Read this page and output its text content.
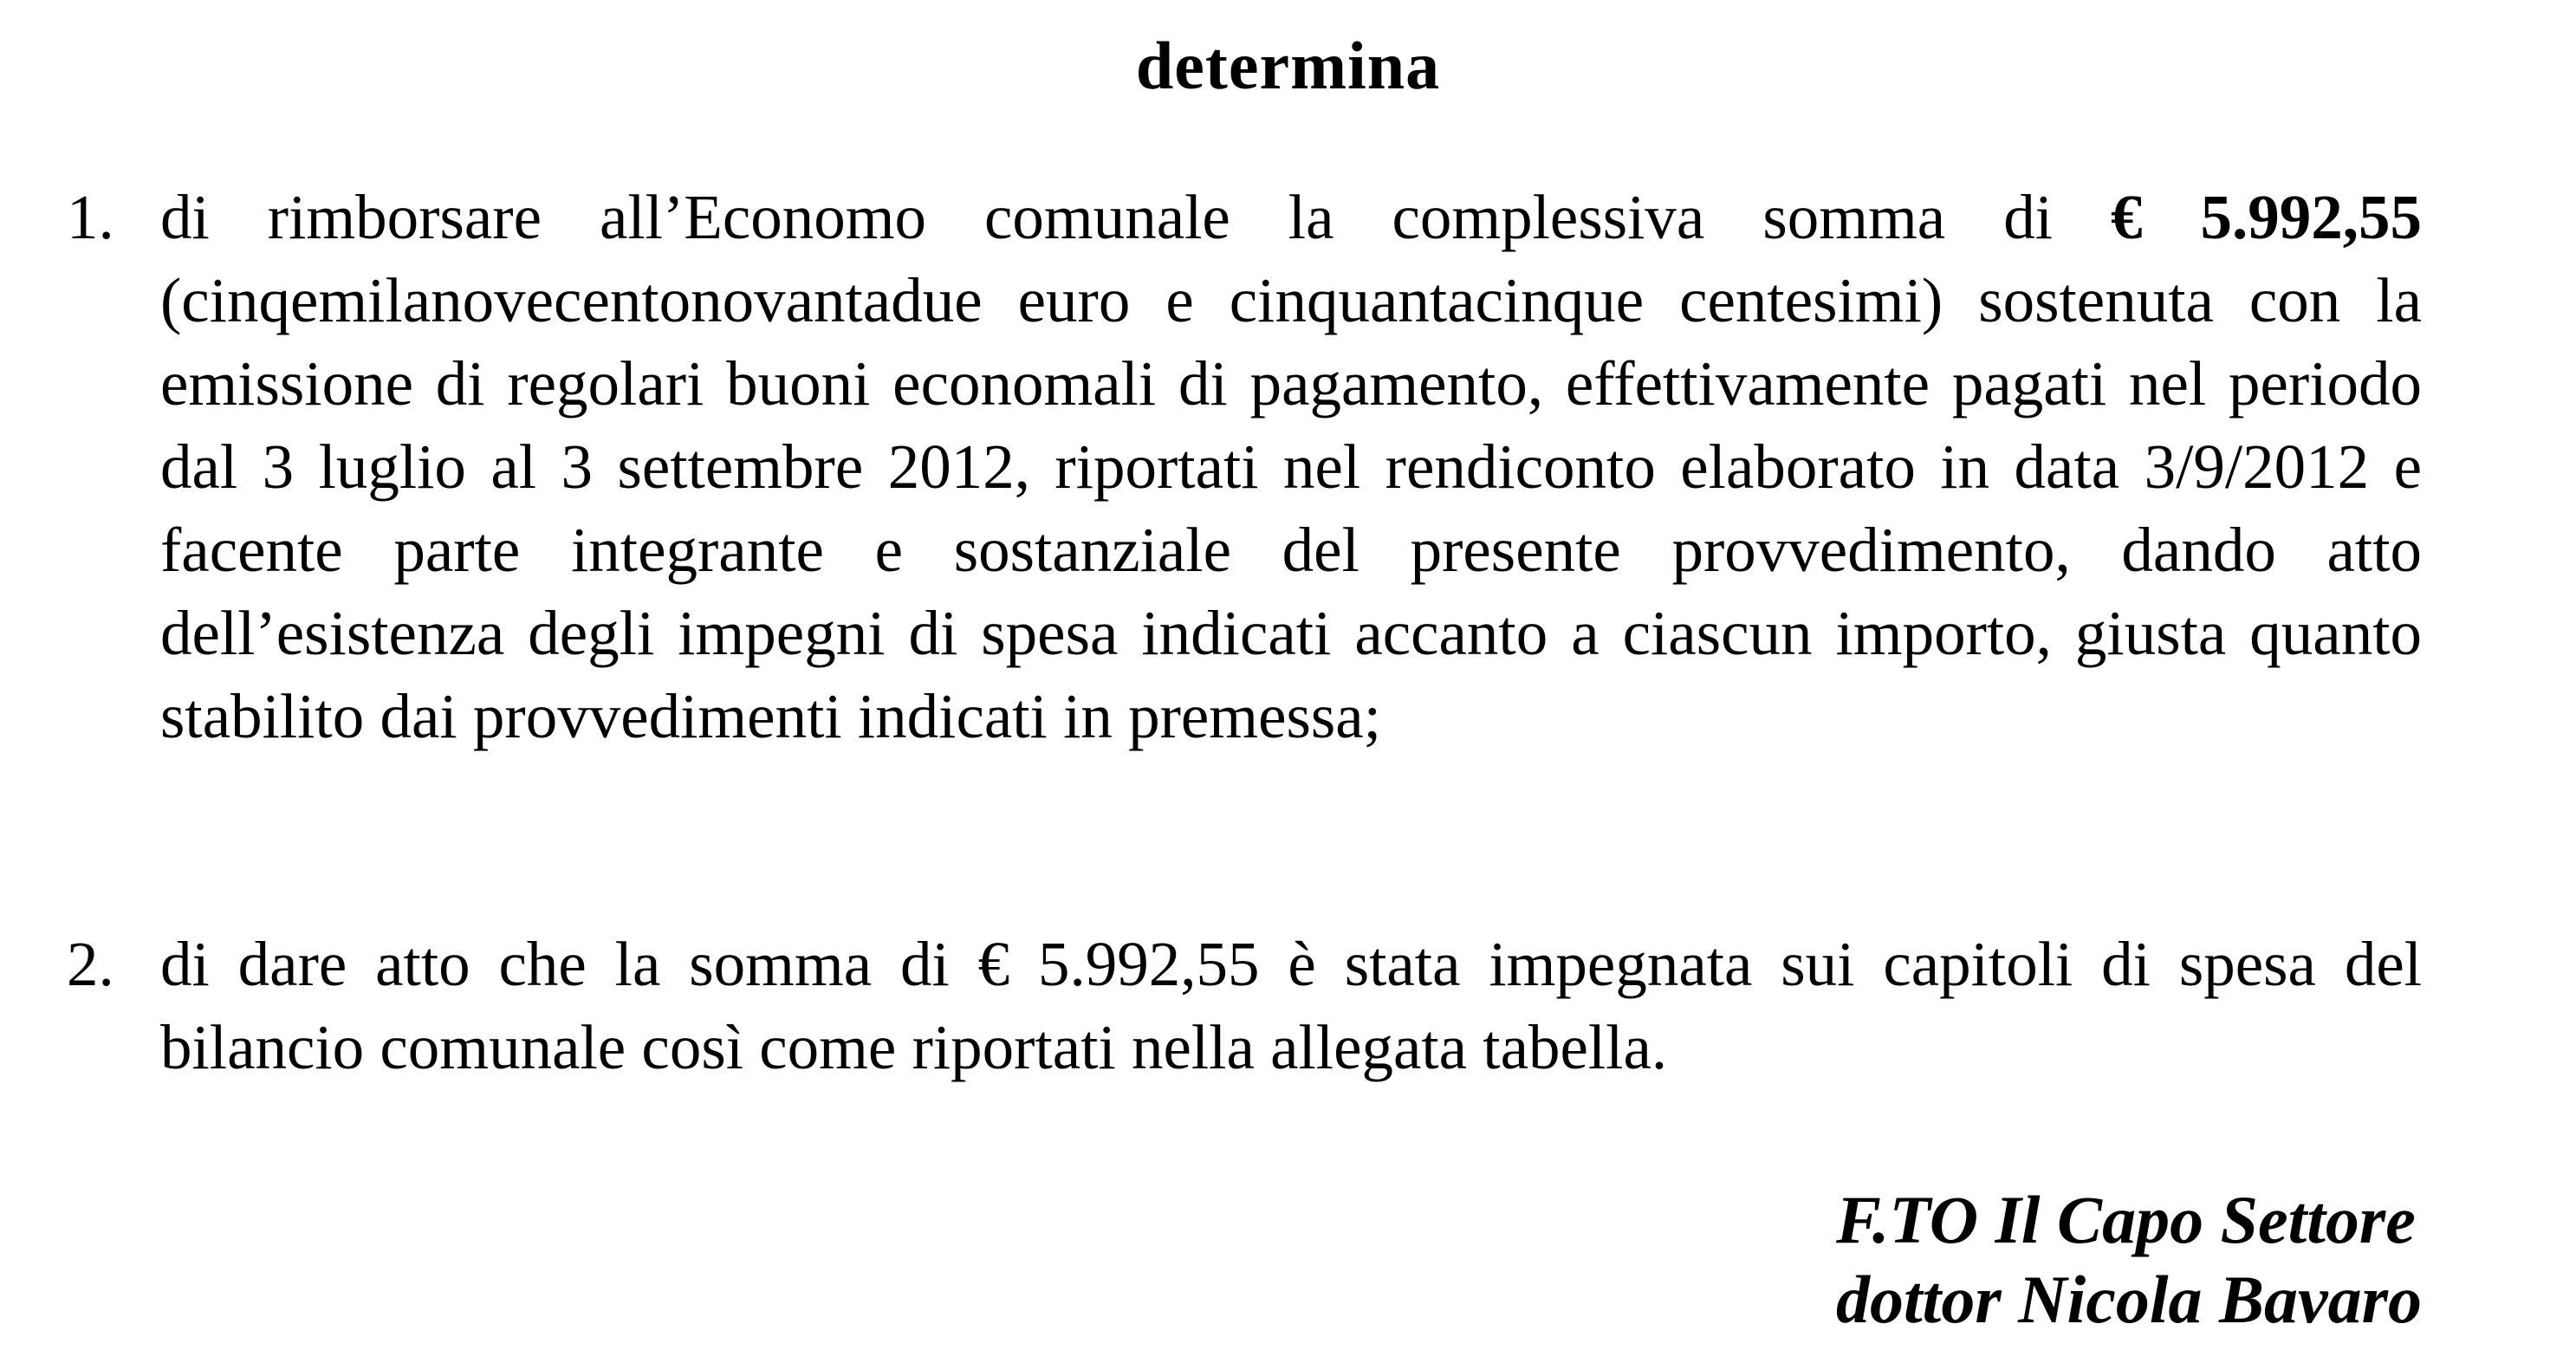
determina
1. di rimborsare all’Economo comunale la complessiva somma di € 5.992,55 (cinqemilanovecentonovantadue euro e cinquantacinque centesimi) sostenuta con la emissione di regolari buoni economali di pagamento, effettivamente pagati nel periodo dal 3 luglio al 3 settembre 2012, riportati nel rendiconto elaborato in data 3/9/2012 e facente parte integrante e sostanziale del presente provvedimento, dando atto dell’esistenza degli impegni di spesa indicati accanto a ciascun importo, giusta quanto stabilito dai provvedimenti indicati in premessa;
2. di dare atto che la somma di € 5.992,55 è stata impegnata sui capitoli di spesa del bilancio comunale così come riportati nella allegata tabella.
F.TO Il Capo Settore
dottor Nicola Bavaro
